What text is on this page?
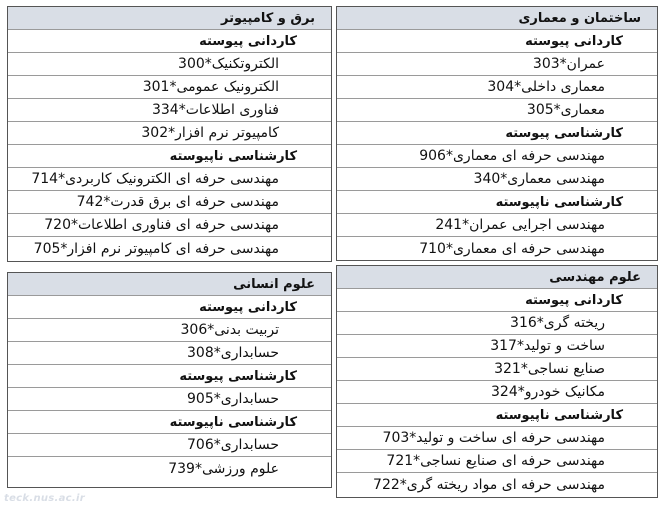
ساختمان و معماری
کاردانی پیوسته
عمران*303
معماری داخلی*304
معماری*305
کارشناسی پیوسته
مهندسی حرفه ای معماری*906
مهندسی معماری*340
کارشناسی ناپیوسته
مهندسی اجرایی عمران*241
مهندسی حرفه ای معماری*710
برق و کامپیوتر
کاردانی پیوسته
الکتروتکنیک*300
الکترونیک عمومی*301
فناوری اطلاعات*334
کامپیوتر نرم افزار*302
کارشناسی ناپیوسته
مهندسی حرفه ای الکترونیک کاربردی*714
مهندسی حرفه ای برق قدرت*742
مهندسی حرفه ای فناوری اطلاعات*720
مهندسی حرفه ای کامپیوتر نرم افزار*705
علوم مهندسی
کاردانی پیوسته
ریخته گری*316
ساخت و تولید*317
صنایع نساجی*321
مکانیک خودرو*324
کارشناسی ناپیوسته
مهندسی حرفه ای ساخت و تولید*703
مهندسی حرفه ای صنایع نساجی*721
مهندسی حرفه ای مواد ریخته گری*722
علوم انسانی
کاردانی پیوسته
تربیت بدنی*306
حسابداری*308
کارشناسی پیوسته
حسابداری*905
کارشناسی ناپیوسته
حسابداری*706
علوم ورزشی*739
teck.nus.ac.ir
